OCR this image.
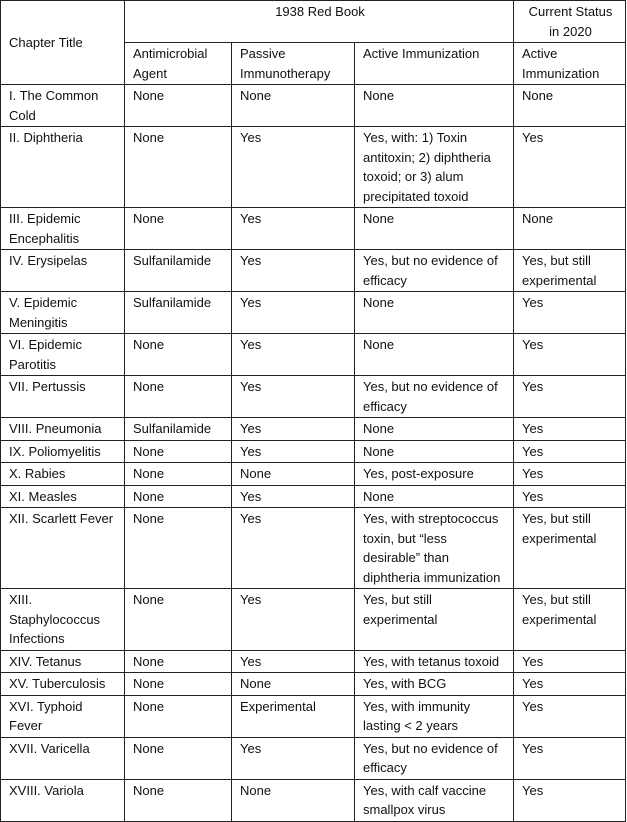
Chapter Title	1938 Red Book			Current Status in 2020
	Antimicrobial Agent	Passive Immunotherapy	Active Immunization	Active Immunization
I. The Common Cold	None	None	None	None
II. Diphtheria	None	Yes	Yes, with: 1) Toxin antitoxin; 2) diphtheria toxoid; or 3) alum precipitated toxoid	Yes
III. Epidemic Encephalitis	None	Yes	None	None
IV. Erysipelas	Sulfanilamide	Yes	Yes, but no evidence of efficacy	Yes, but still experimental
V. Epidemic Meningitis	Sulfanilamide	Yes	None	Yes
VI. Epidemic Parotitis	None	Yes	None	Yes
VII. Pertussis	None	Yes	Yes, but no evidence of efficacy	Yes
VIII. Pneumonia	Sulfanilamide	Yes	None	Yes
IX. Poliomyelitis	None	Yes	None	Yes
X. Rabies	None	None	Yes, post-exposure	Yes
XI. Measles	None	Yes	None	Yes
XII. Scarlett Fever	None	Yes	Yes, with streptococcus toxin, but “less desirable” than diphtheria immunization	Yes, but still experimental
XIII. Staphylococcus Infections	None	Yes	Yes, but still experimental	Yes, but still experimental
XIV. Tetanus	None	Yes	Yes, with tetanus toxoid	Yes
XV. Tuberculosis	None	None	Yes, with BCG	Yes
XVI. Typhoid Fever	None	Experimental	Yes, with immunity lasting < 2 years	Yes
XVII. Varicella	None	Yes	Yes, but no evidence of efficacy	Yes
XVIII. Variola	None	None	Yes, with calf vaccine smallpox virus	Yes
